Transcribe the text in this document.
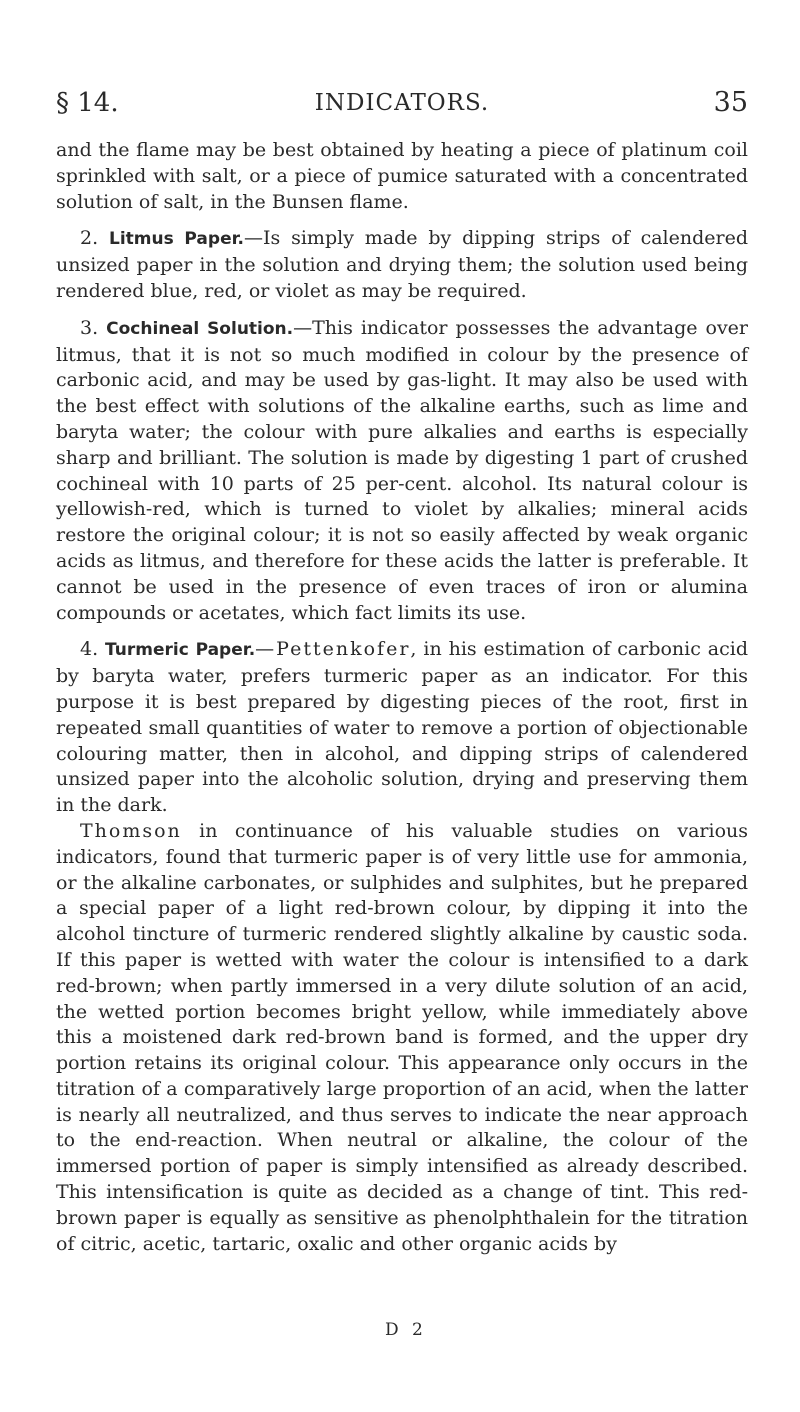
§ 14.	INDICATORS.	35

and the flame may be best obtained by heating a piece of platinum coil sprinkled with salt, or a piece of pumice saturated with a concentrated solution of salt, in the Bunsen flame.

2. Litmus Paper.—Is simply made by dipping strips of calendered unsized paper in the solution and drying them; the solution used being rendered blue, red, or violet as may be required.

3. Cochineal Solution.—This indicator possesses the advantage over litmus, that it is not so much modified in colour by the presence of carbonic acid, and may be used by gas-light. It may also be used with the best effect with solutions of the alkaline earths, such as lime and baryta water; the colour with pure alkalies and earths is especially sharp and brilliant. The solution is made by digesting 1 part of crushed cochineal with 10 parts of 25 per-cent. alcohol. Its natural colour is yellowish-red, which is turned to violet by alkalies; mineral acids restore the original colour; it is not so easily affected by weak organic acids as litmus, and therefore for these acids the latter is preferable. It cannot be used in the presence of even traces of iron or alumina compounds or acetates, which fact limits its use.

4. Turmeric Paper.—Pettenkofer, in his estimation of carbonic acid by baryta water, prefers turmeric paper as an indicator. For this purpose it is best prepared by digesting pieces of the root, first in repeated small quantities of water to remove a portion of objectionable colouring matter, then in alcohol, and dipping strips of calendered unsized paper into the alcoholic solution, drying and preserving them in the dark.

Thomson in continuance of his valuable studies on various indicators, found that turmeric paper is of very little use for ammonia, or the alkaline carbonates, or sulphides and sulphites, but he prepared a special paper of a light red-brown colour, by dipping it into the alcohol tincture of turmeric rendered slightly alkaline by caustic soda. If this paper is wetted with water the colour is intensified to a dark red-brown; when partly immersed in a very dilute solution of an acid, the wetted portion becomes bright yellow, while immediately above this a moistened dark red-brown band is formed, and the upper dry portion retains its original colour. This appearance only occurs in the titration of a comparatively large proportion of an acid, when the latter is nearly all neutralized, and thus serves to indicate the near approach to the end-reaction. When neutral or alkaline, the colour of the immersed portion of paper is simply intensified as already described. This intensification is quite as decided as a change of tint. This red-brown paper is equally as sensitive as phenolphthalein for the titration of citric, acetic, tartaric, oxalic and other organic acids by

D 2
